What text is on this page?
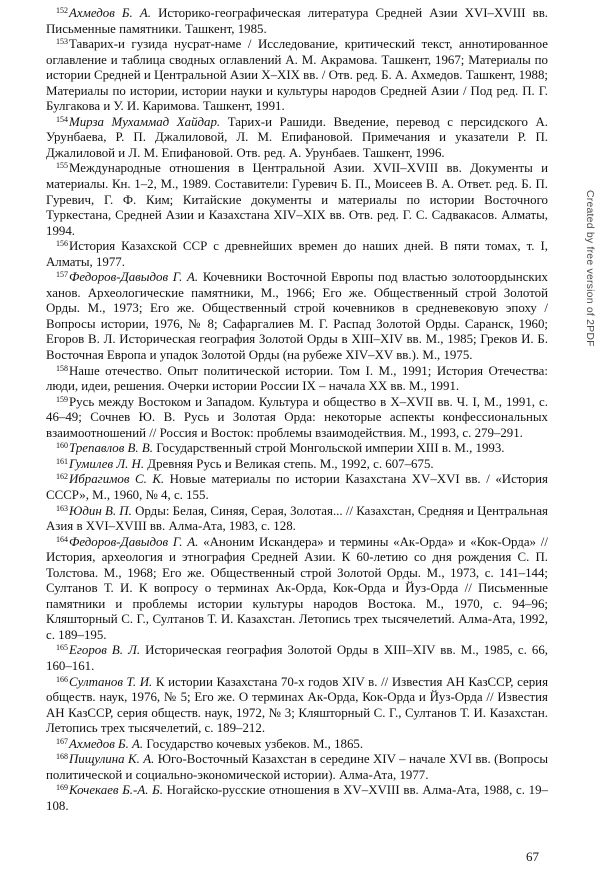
$^{152}$Ахмедов Б. А. Историко-географическая литература Средней Азии XVI–XVIII вв. Письменные памятники. Ташкент, 1985.

$^{153}$Таварих-и гузида нусрат-наме / Исследование, критический текст, аннотированное оглавление и таблица сводных оглавлений А. М. Акрамова. Ташкент, 1967; Материалы по истории Средней и Центральной Азии X–XIX вв. / Отв. ред. Б. А. Ахмедов. Ташкент, 1988; Материалы по истории, истории науки и культуры народов Средней Азии / Под ред. П. Г. Булгакова и У. И. Каримова. Ташкент, 1991.

$^{154}$Мирза Мухаммад Хайдар. Тарих-и Рашиди. Введение, перевод с персидского А. Урунбаева, Р. П. Джалиловой, Л. М. Епифановой. Примечания и указатели Р. П. Джалиловой и Л. М. Епифановой. Отв. ред. А. Урунбаев. Ташкент, 1996.

$^{155}$Международные отношения в Центральной Азии. XVII–XVIII вв. Документы и материалы. Кн. 1–2, М., 1989. Составители: Гуревич Б. П., Моисеев В. А. Ответ. ред. Б. П. Гуревич, Г. Ф. Ким; Китайские документы и материалы по истории Восточного Туркестана, Средней Азии и Казахстана XIV–XIX вв. Отв. ред. Г. С. Садвакасов. Алматы, 1994.

$^{156}$История Казахской ССР с древнейших времен до наших дней. В пяти томах, т. I, Алматы, 1977.

$^{157}$Федоров-Давыдов Г. А. Кочевники Восточной Европы под властью золотоордынских ханов. Археологические памятники, М., 1966; Его же. Общественный строй Золотой Орды. М., 1973; Его же. Общественный строй кочевников в средневековую эпоху / Вопросы истории, 1976, № 8; Сафаргалиев М. Г. Распад Золотой Орды. Саранск, 1960; Егоров В. Л. Историческая география Золотой Орды в XIII–XIV вв. М., 1985; Греков И. Б. Восточная Европа и упадок Золотой Орды (на рубеже XIV–XV вв.). М., 1975.

$^{158}$Наше отечество. Опыт политической истории. Том I. М., 1991; История Отечества: люди, идеи, решения. Очерки истории России IX – начала XX вв. М., 1991.

$^{159}$Русь между Востоком и Западом. Культура и общество в X–XVII вв. Ч. I, М., 1991, с. 46–49; Сочнев Ю. В. Русь и Золотая Орда: некоторые аспекты конфессиональных взаимоотношений // Россия и Восток: проблемы взаимодействия. М., 1993, с. 279–291.

$^{160}$Трепавлов В. В. Государственный строй Монгольской империи XIII в. М., 1993.

$^{161}$Гумилев Л. Н. Древняя Русь и Великая степь. М., 1992, с. 607–675.

$^{162}$Ибрагимов С. К. Новые материалы по истории Казахстана XV–XVI вв. / «История СССР», М., 1960, № 4, с. 155.

$^{163}$Юдин В. П. Орды: Белая, Синяя, Серая, Золотая... // Казахстан, Средняя и Центральная Азия в XVI–XVIII вв. Алма-Ата, 1983, с. 128.

$^{164}$Федоров-Давыдов Г. А. «Аноним Искандера» и термины «Ак-Орда» и «Кок-Орда» // История, археология и этнография Средней Азии. К 60-летию со дня рождения С. П. Толстова. М., 1968; Его же. Общественный строй Золотой Орды. М., 1973, с. 141–144; Султанов Т. И. К вопросу о терминах Ак-Орда, Кок-Орда и Йуз-Орда // Письменные памятники и проблемы истории культуры народов Востока. М., 1970, с. 94–96; Кляшторный С. Г., Султанов Т. И. Казахстан. Летопись трех тысячелетий. Алма-Ата, 1992, с. 189–195.

$^{165}$Егоров В. Л. Историческая география Золотой Орды в XIII–XIV вв. М., 1985, с. 66, 160–161.

$^{166}$Султанов Т. И. К истории Казахстана 70-х годов XIV в. // Известия АН КазССР, серия обществ. наук, 1976, № 5; Его же. О терминах Ак-Орда, Кок-Орда и Йуз-Орда // Известия АН КазССР, серия обществ. наук, 1972, № 3; Кляшторный С. Г., Султанов Т. И. Казахстан. Летопись трех тысячелетий, с. 189–212.

$^{167}$Ахмедов Б. А. Государство кочевых узбеков. М., 1865.

$^{168}$Пищулина К. А. Юго-Восточный Казахстан в середине XIV – начале XVI вв. (Вопросы политической и социально-экономической истории). Алма-Ата, 1977.

$^{169}$Кочекаев Б.-А. Б. Ногайско-русские отношения в XV–XVIII вв. Алма-Ата, 1988, с. 19–108.

Created by free version of 2PDF
67
